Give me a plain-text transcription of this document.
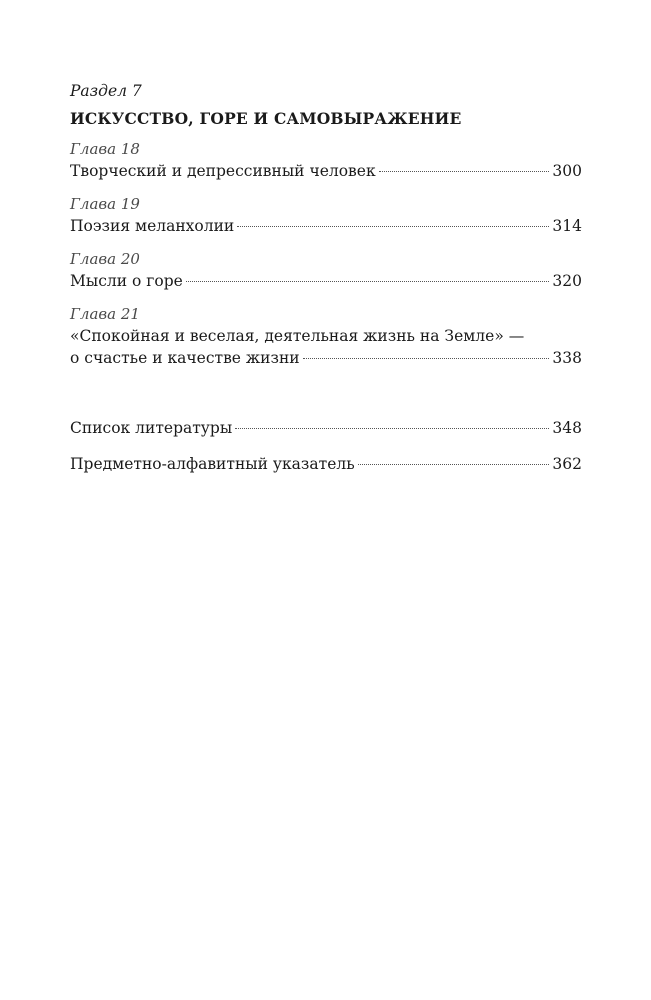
Раздел 7

ИСКУССТВО, ГОРЕ И САМОВЫРАЖЕНИЕ

Глава 18

Творческий и депрессивный человек	300

Глава 19

Поэзия меланхолии	314

Глава 20

Мысли о горе	320

Глава 21

«Спокойная и веселая, деятельная жизнь на Земле» —
о счастье и качестве жизни	338
Список литературы	348
Предметно-алфавитный указатель	362
